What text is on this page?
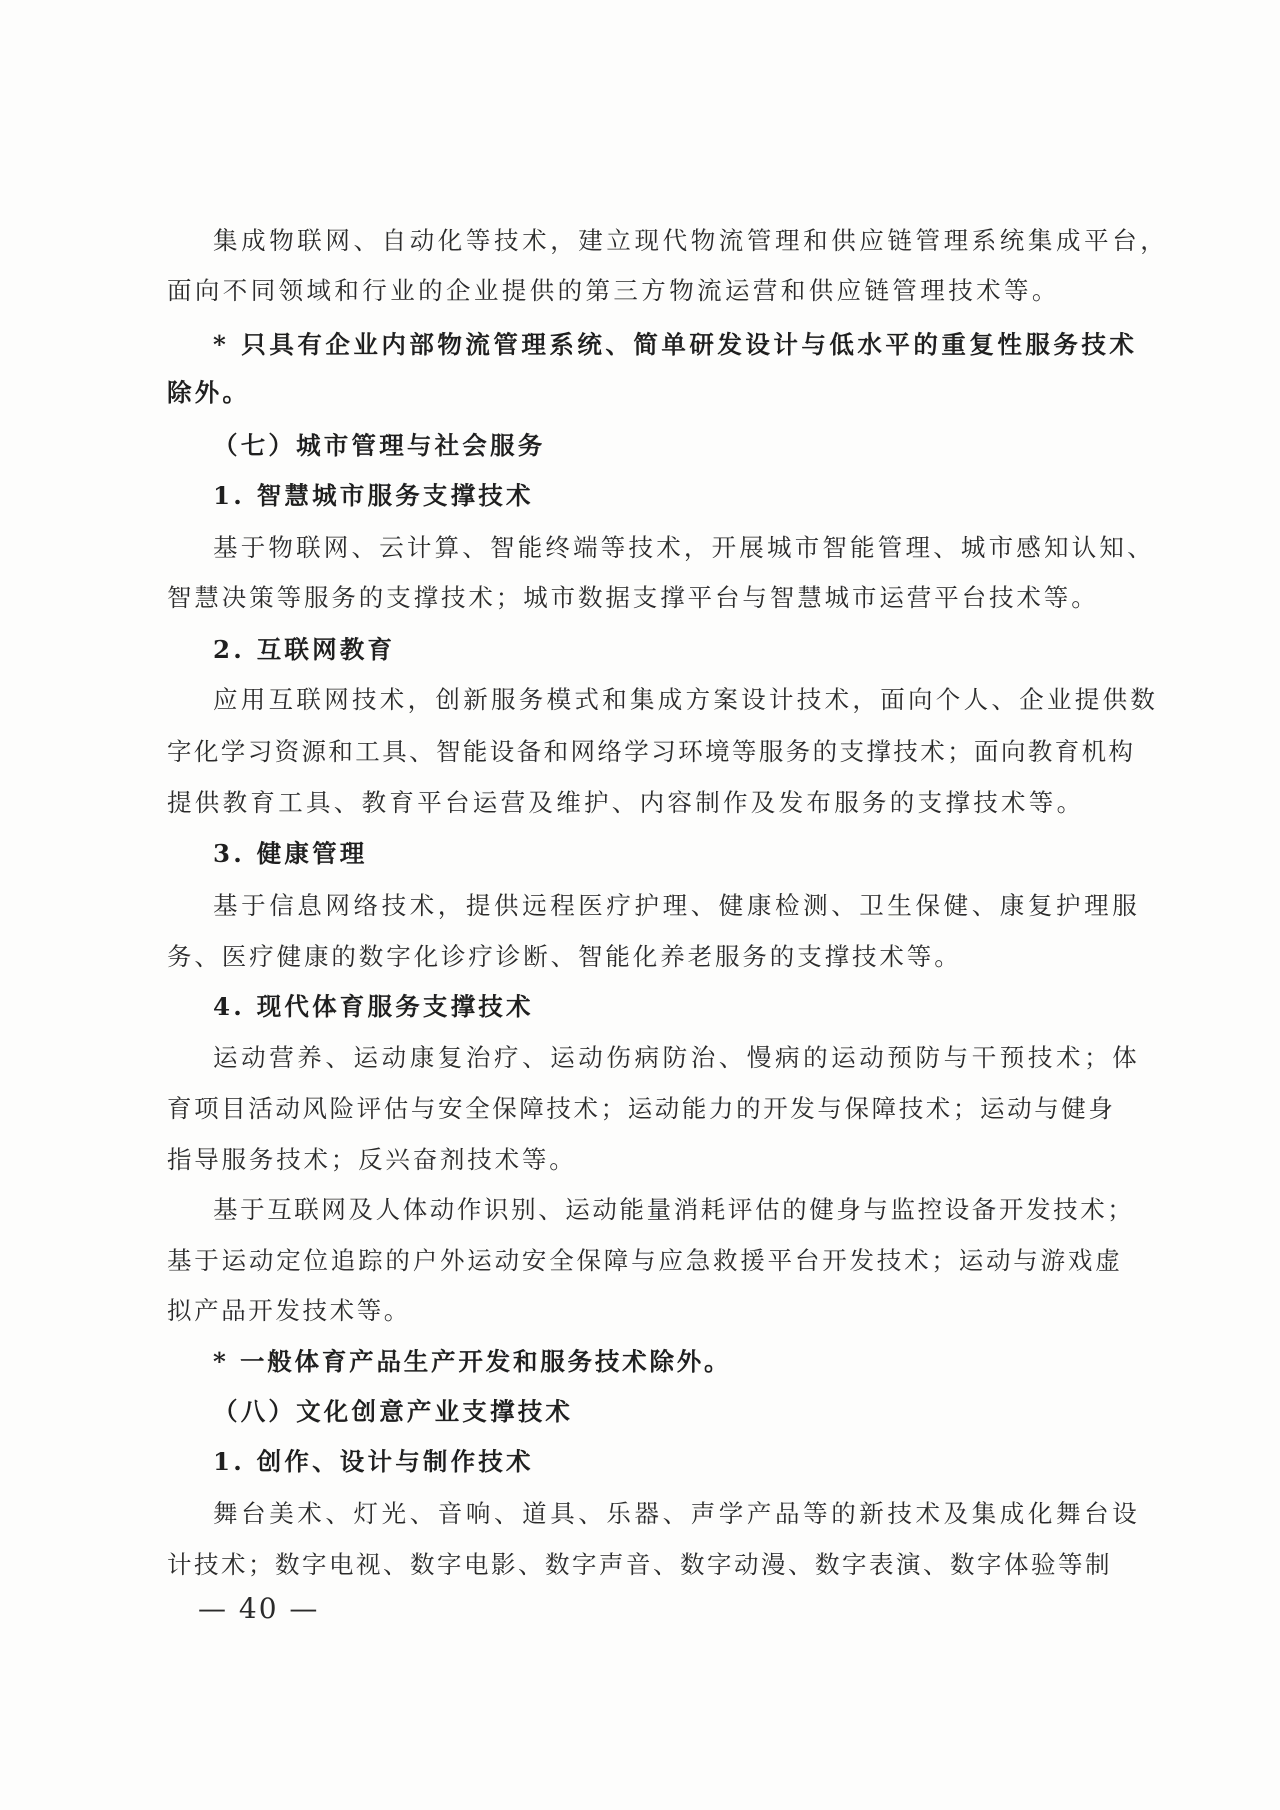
集成物联网、自动化等技术，建立现代物流管理和供应链管理系统集成平台，
面向不同领域和行业的企业提供的第三方物流运营和供应链管理技术等。
* 只具有企业内部物流管理系统、简单研发设计与低水平的重复性服务技术
除外。
（七）城市管理与社会服务
1. 智慧城市服务支撑技术
基于物联网、云计算、智能终端等技术，开展城市智能管理、城市感知认知、
智慧决策等服务的支撑技术；城市数据支撑平台与智慧城市运营平台技术等。
2. 互联网教育
应用互联网技术，创新服务模式和集成方案设计技术，面向个人、企业提供数
字化学习资源和工具、智能设备和网络学习环境等服务的支撑技术；面向教育机构
提供教育工具、教育平台运营及维护、内容制作及发布服务的支撑技术等。
3. 健康管理
基于信息网络技术，提供远程医疗护理、健康检测、卫生保健、康复护理服
务、医疗健康的数字化诊疗诊断、智能化养老服务的支撑技术等。
4. 现代体育服务支撑技术
运动营养、运动康复治疗、运动伤病防治、慢病的运动预防与干预技术；体
育项目活动风险评估与安全保障技术；运动能力的开发与保障技术；运动与健身
指导服务技术；反兴奋剂技术等。
基于互联网及人体动作识别、运动能量消耗评估的健身与监控设备开发技术；
基于运动定位追踪的户外运动安全保障与应急救援平台开发技术；运动与游戏虚
拟产品开发技术等。
* 一般体育产品生产开发和服务技术除外。
（八）文化创意产业支撑技术
1. 创作、设计与制作技术
舞台美术、灯光、音响、道具、乐器、声学产品等的新技术及集成化舞台设
计技术；数字电视、数字电影、数字声音、数字动漫、数字表演、数字体验等制
— 40 —
